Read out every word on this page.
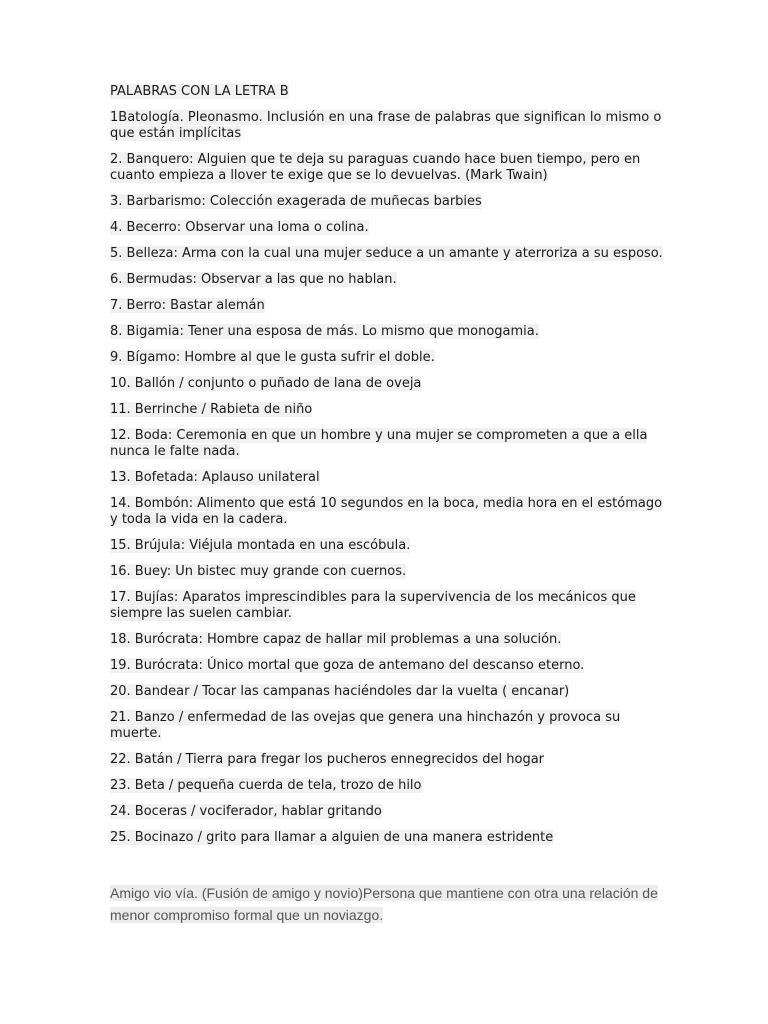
PALABRAS CON LA LETRA B
1Batología. Pleonasmo. Inclusión en una frase de palabras que significan lo mismo o que están implícitas
2. Banquero: Alguien que te deja su paraguas cuando hace buen tiempo, pero en cuanto empieza a llover te exige que se lo devuelvas. (Mark Twain)
3. Barbarismo: Colección exagerada de muñecas barbies
4. Becerro: Observar una loma o colina.
5. Belleza: Arma con la cual una mujer seduce a un amante y aterroriza a su esposo.
6. Bermudas: Observar a las que no hablan.
7. Berro: Bastar alemán
8. Bigamia: Tener una esposa de más. Lo mismo que monogamia.
9. Bígamo: Hombre al que le gusta sufrir el doble.
10. Ballón / conjunto o puñado de lana de oveja
11. Berrinche / Rabieta de niño
12. Boda: Ceremonia en que un hombre y una mujer se comprometen a que a ella nunca le falte nada.
13. Bofetada: Aplauso unilateral
14. Bombón: Alimento que está 10 segundos en la boca, media hora en el estómago y toda la vida en la cadera.
15. Brújula: Viéjula montada en una escóbula.
16. Buey: Un bistec muy grande con cuernos.
17. Bujías: Aparatos imprescindibles para la supervivencia de los mecánicos que siempre las suelen cambiar.
18. Burócrata: Hombre capaz de hallar mil problemas a una solución.
19. Burócrata: Único mortal que goza de antemano del descanso eterno.
20. Bandear / Tocar las campanas haciéndoles dar la vuelta ( encanar)
21. Banzo / enfermedad de las ovejas que genera una hinchazón y provoca su muerte.
22. Batán / Tierra para fregar los pucheros ennegrecidos del hogar
23. Beta / pequeña cuerda de tela, trozo de hilo
24. Boceras / vociferador, hablar gritando
25. Bocinazo / grito para llamar a alguien de una manera estridente
Amigo vio vía. (Fusión de amigo y novio)Persona que mantiene con otra una relación de menor compromiso formal que un noviazgo.
